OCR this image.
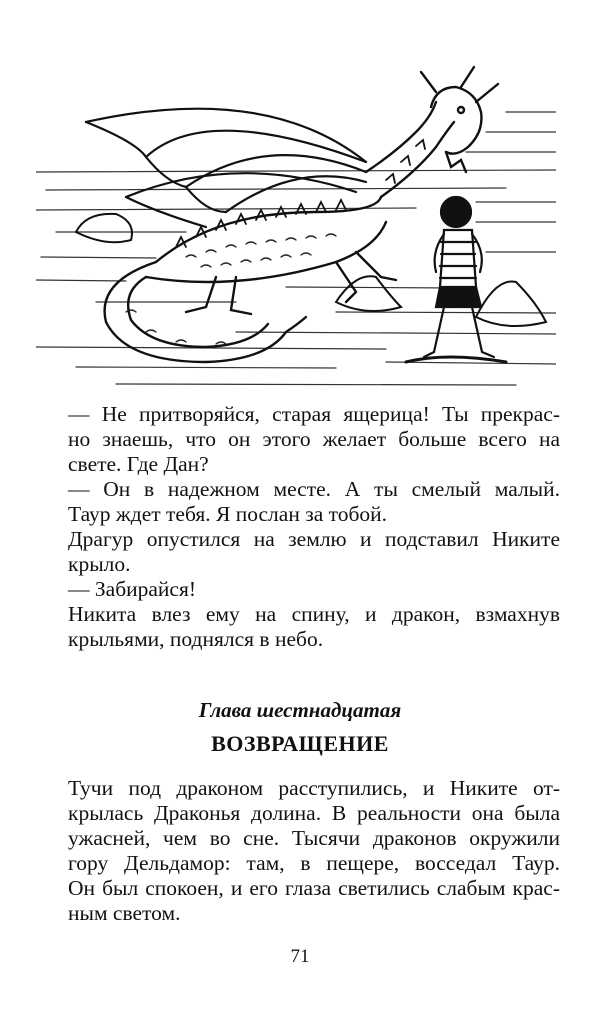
— Не притворяйся, старая ящерица! Ты прекрас-
но знаешь, что он этого желает больше всего на
свете. Где Дан?
— Он в надежном месте. А ты смелый малый.
Таур ждет тебя. Я послан за тобой.
Драгур опустился на землю и подставил Никите
крыло.
— Забирайся!
Никита влез ему на спину, и дракон, взмахнув
крыльями, поднялся в небо.
Глава шестнадцатая
ВОЗВРАЩЕНИЕ
Тучи под драконом расступились, и Никите от-
крылась Драконья долина. В реальности она была
ужасней, чем во сне. Тысячи драконов окружили
гору Дельдамор: там, в пещере, восседал Таур.
Он был спокоен, и его глаза светились слабым крас-
ным светом.
71
